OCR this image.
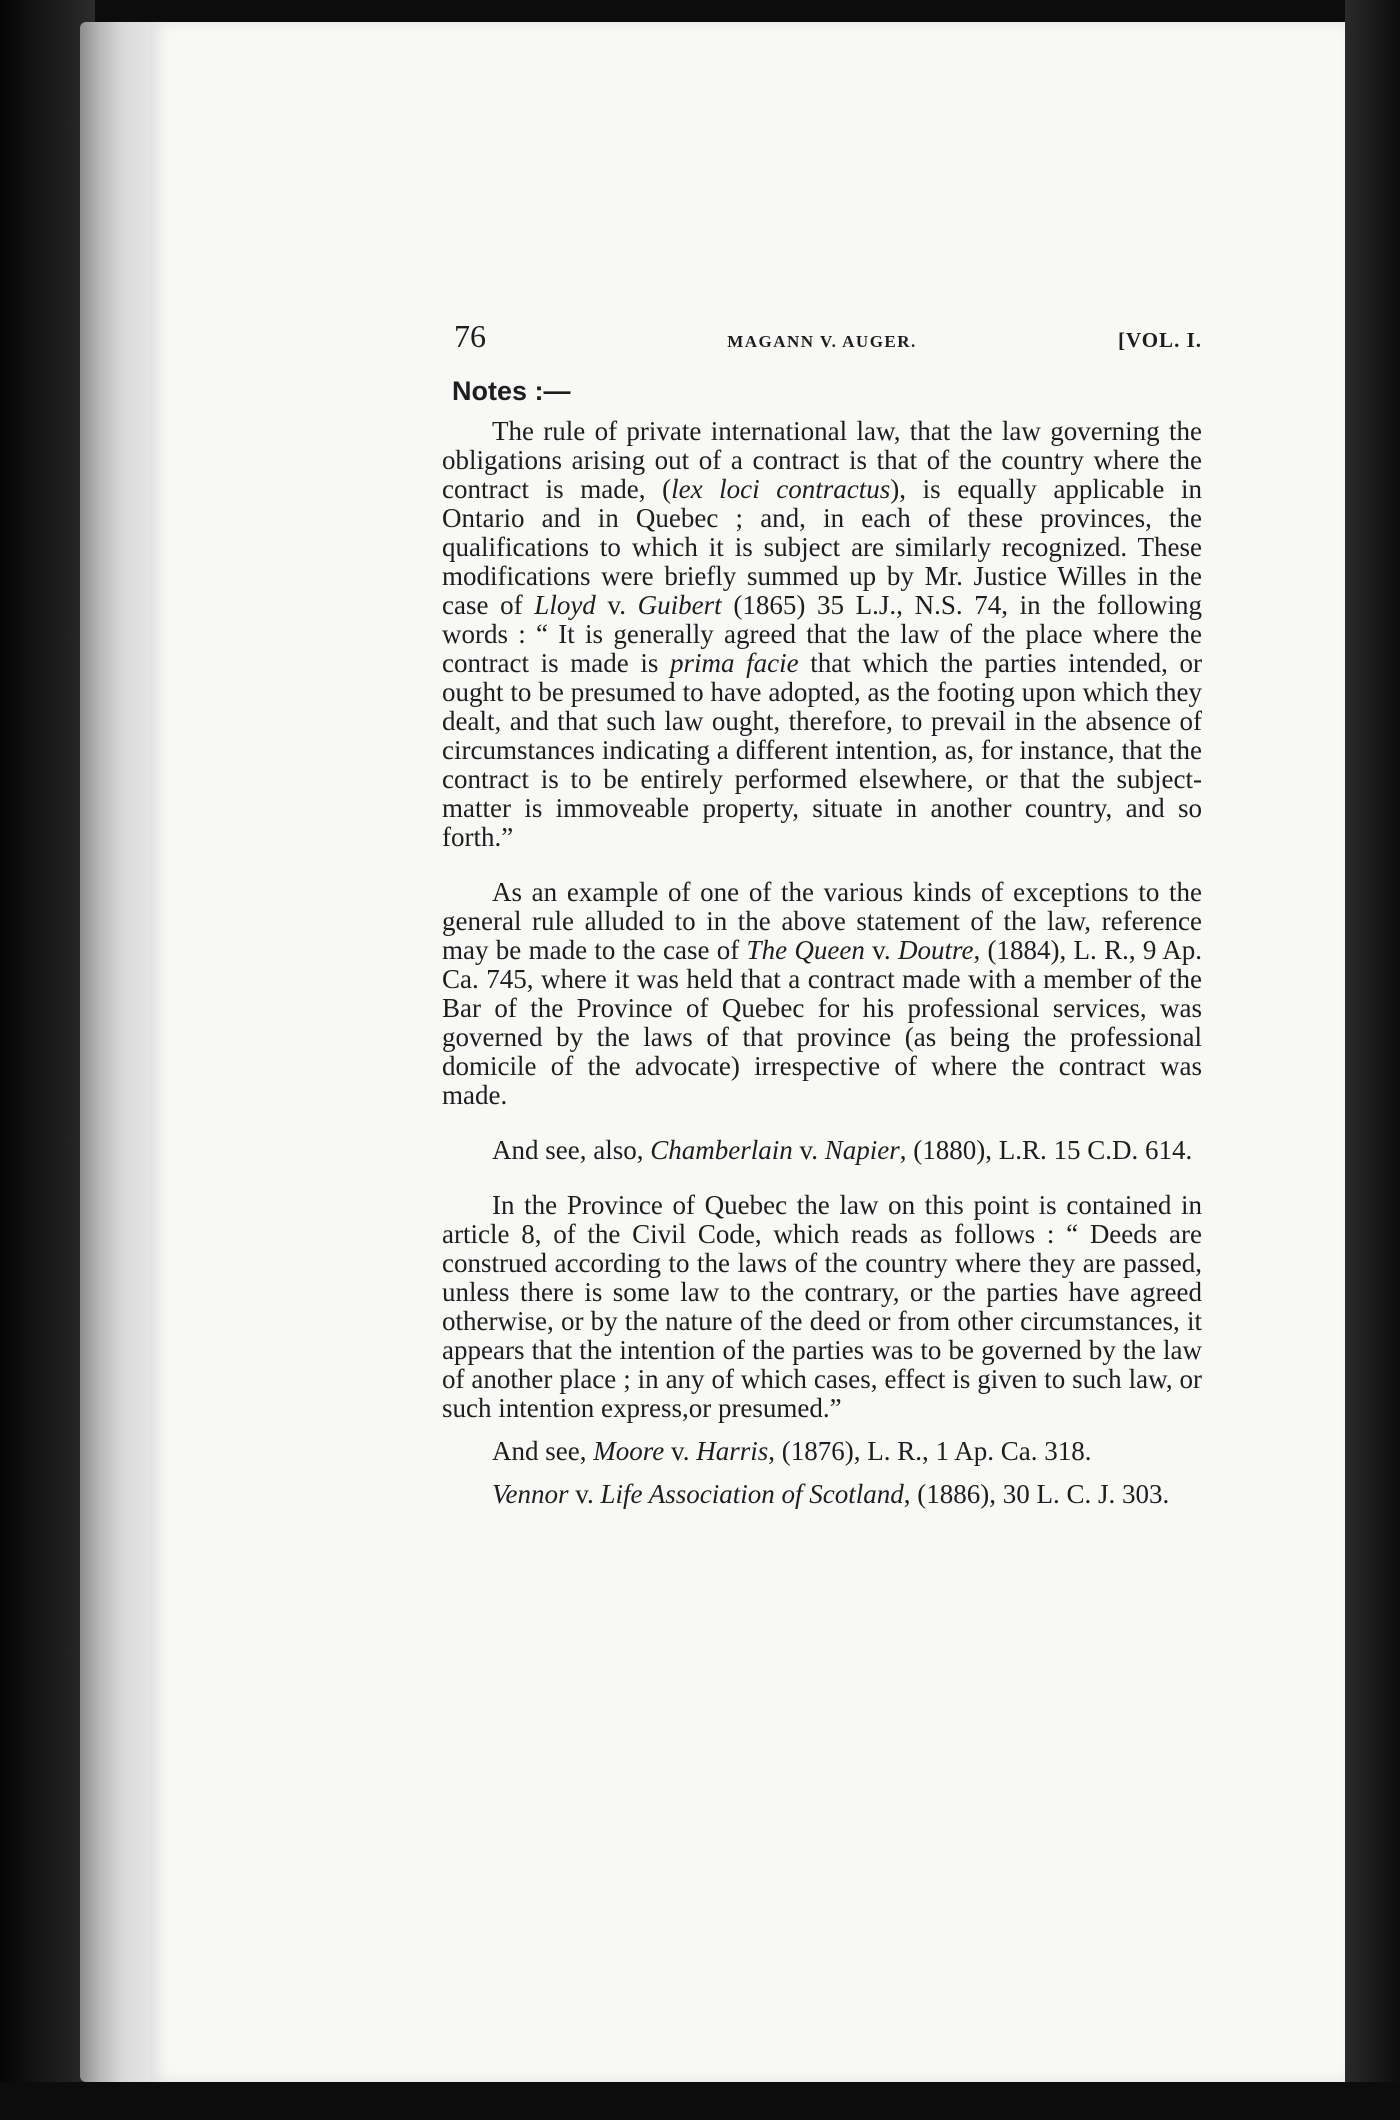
76	MAGANN V. AUGER.	[VOL. I.
Notes :—

The rule of private international law, that the law governing the obligations arising out of a contract is that of the country where the contract is made, (lex loci contractus), is equally applicable in Ontario and in Quebec ; and, in each of these provinces, the qualifications to which it is subject are similarly recognized. These modifications were briefly summed up by Mr. Justice Willes in the case of Lloyd v. Guibert (1865) 35 L.J., N.S. 74, in the following words : “ It is generally agreed that the law of the place where the contract is made is prima facie that which the parties intended, or ought to be presumed to have adopted, as the footing upon which they dealt, and that such law ought, therefore, to prevail in the absence of circumstances indicating a different intention, as, for instance, that the contract is to be entirely performed elsewhere, or that the subject-matter is immoveable property, situate in another country, and so forth.”

As an example of one of the various kinds of exceptions to the general rule alluded to in the above statement of the law, reference may be made to the case of The Queen v. Doutre, (1884), L. R., 9 Ap. Ca. 745, where it was held that a contract made with a member of the Bar of the Province of Quebec for his professional services, was governed by the laws of that province (as being the professional domicile of the advocate) irrespective of where the contract was made.

And see, also, Chamberlain v. Napier, (1880), L.R. 15 C.D. 614.

In the Province of Quebec the law on this point is contained in article 8, of the Civil Code, which reads as follows : “ Deeds are construed according to the laws of the country where they are passed, unless there is some law to the contrary, or the parties have agreed otherwise, or by the nature of the deed or from other circumstances, it appears that the intention of the parties was to be governed by the law of another place ; in any of which cases, effect is given to such law, or such intention express,or presumed.”

And see, Moore v. Harris, (1876), L. R., 1 Ap. Ca. 318.

Vennor v. Life Association of Scotland, (1886), 30 L. C. J. 303.
